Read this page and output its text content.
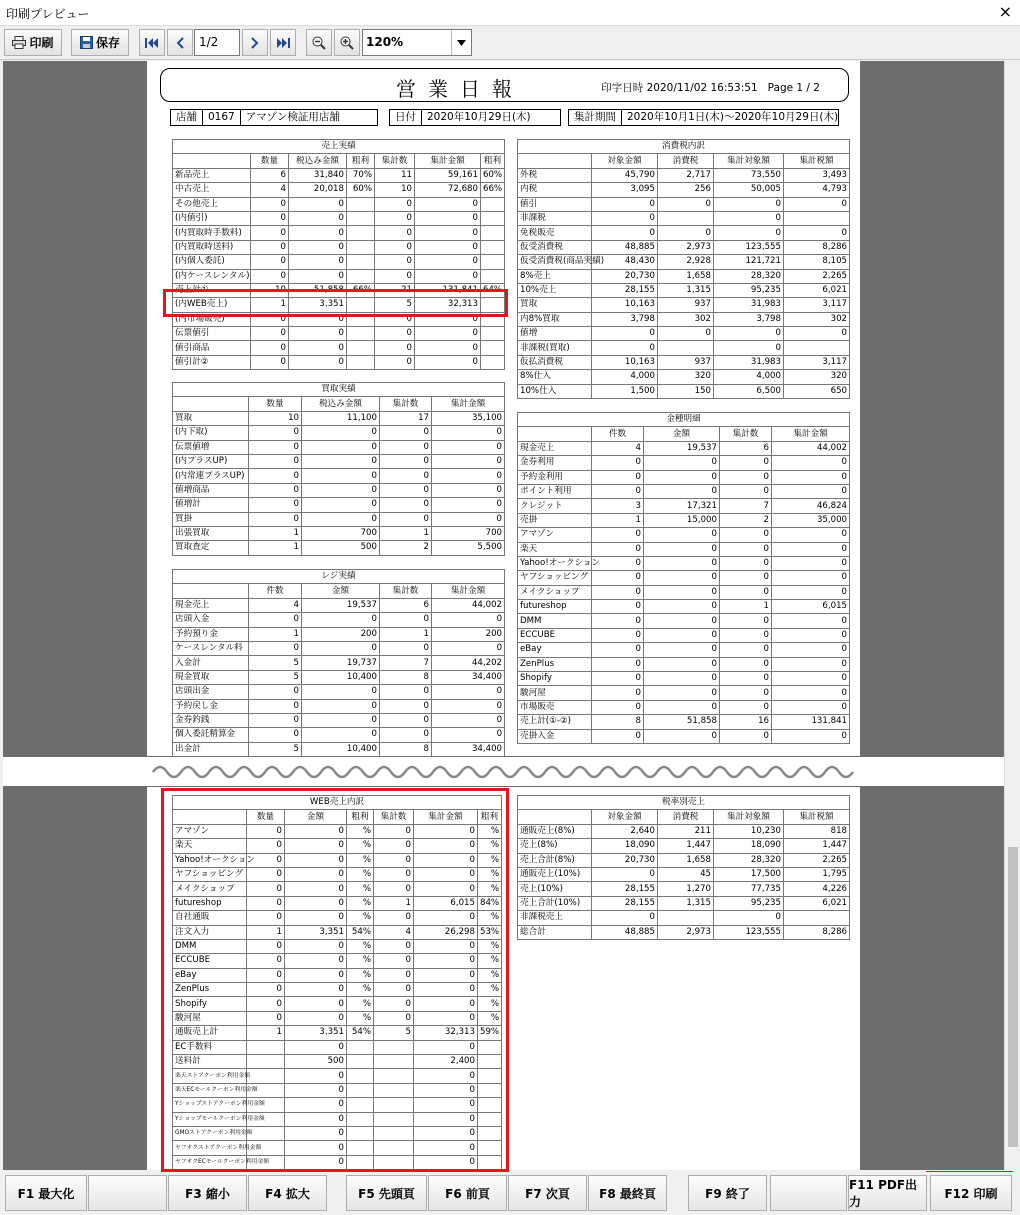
印刷プレビュー	×
印刷	保存	1/2	120%
営業日報	印字日時 2020/11/02 16:53:51 Page 1 / 2
店舗	0167	アマゾン検証用店舗	日付	2020年10月29日(木)	集計期間	2020年10月1日(木)〜2020年10月29日(木)
売上実績						
	数量	税込み金額	粗利	集計数	集計金額	粗利
新品売上	6	31,840	70%	11	59,161	60%
中古売上	4	20,018	60%	10	72,680	66%
その他売上	0	0		0	0	
(内値引)	0	0		0	0	
(内買取時手数料)	0	0		0	0	
(内買取時送料)	0	0		0	0	
(内個人委託)	0	0		0	0	
(内ケースレンタル)	0	0		0	0	
売上計①	10	51,858	66%	21	131,841	64%
(内WEB売上)	1	3,351		5	32,313	
(内市場販売)	0	0		0	0	
伝票値引	0	0		0	0	
値引商品	0	0		0	0	
値引計②	0	0		0	0	
消費税内訳				
	対象金額	消費税	集計対象額	集計税額
外税	45,790	2,717	73,550	3,493
内税	3,095	256	50,005	4,793
値引	0	0	0	0
非課税	0		0	
免税販売	0	0	0	0
仮受消費税	48,885	2,973	123,555	8,286
仮受消費税(商品実績)	48,430	2,928	121,721	8,105
8%売上	20,730	1,658	28,320	2,265
10%売上	28,155	1,315	95,235	6,021
買取	10,163	937	31,983	3,117
内8%買取	3,798	302	3,798	302
値増	0	0	0	0
非課税(買取)	0		0	
仮払消費税	10,163	937	31,983	3,117
8%仕入	4,000	320	4,000	320
10%仕入	1,500	150	6,500	650
買取実績				
	数量	税込み金額	集計数	集計金額
買取	10	11,100	17	35,100
(内下取)	0	0	0	0
伝票値増	0	0	0	0
(内プラスUP)	0	0	0	0
(内常連プラスUP)	0	0	0	0
値増商品	0	0	0	0
値増計	0	0	0	0
買掛	0	0	0	0
出張買取	1	700	1	700
買取査定	1	500	2	5,500
金種明細				
	件数	金額	集計数	集計金額
現金売上	4	19,537	6	44,002
金券利用	0	0	0	0
予約金利用	0	0	0	0
ポイント利用	0	0	0	0
クレジット	3	17,321	7	46,824
売掛	1	15,000	2	35,000
アマゾン	0	0	0	0
楽天	0	0	0	0
Yahoo!オークション	0	0	0	0
ヤフショッピング	0	0	0	0
メイクショップ	0	0	0	0
futureshop	0	0	1	6,015
DMM	0	0	0	0
ECCUBE	0	0	0	0
eBay	0	0	0	0
ZenPlus	0	0	0	0
Shopify	0	0	0	0
駿河屋	0	0	0	0
市場販売	0	0	0	0
売上計(①-②)	8	51,858	16	131,841
売掛入金	0	0	0	0
レジ実績				
	件数	金額	集計数	集計金額
現金売上	4	19,537	6	44,002
店頭入金	0	0	0	0
予約預り金	1	200	1	200
ケースレンタル料	0	0	0	0
入金計	5	19,737	7	44,202
現金買取	5	10,400	8	34,400
店頭出金	0	0	0	0
予約戻し金	0	0	0	0
金券釣銭	0	0	0	0
個人委託精算金	0	0	0	0
出金計	5	10,400	8	34,400
WEB売上内訳						
	数量	金額	粗利	集計数	集計金額	粗利
アマゾン	0	0	%	0	0	%
楽天	0	0	%	0	0	%
Yahoo!オークション	0	0	%	0	0	%
ヤフショッピング	0	0	%	0	0	%
メイクショップ	0	0	%	0	0	%
futureshop	0	0	%	1	6,015	84%
自社通販	0	0	%	0	0	%
注文入力	1	3,351	54%	4	26,298	53%
DMM	0	0	%	0	0	%
ECCUBE	0	0	%	0	0	%
eBay	0	0	%	0	0	%
ZenPlus	0	0	%	0	0	%
Shopify	0	0	%	0	0	%
駿河屋	0	0	%	0	0	%
通販売上計	1	3,351	54%	5	32,313	59%
EC手数料		0			0	
送料計		500			2,400	
楽天ストアクーポン利用金額		0			0	
楽天ECモールクーポン利用金額		0			0	
Yショップストアクーポン利用金額		0			0	
Yショップモールクーポン利用金額		0			0	
GMOストアクーポン利用金額		0			0	
ヤフオクストアクーポン利用金額		0			0	
ヤフオクECモールクーポン利用金額		0			0	
税率別売上				
	対象金額	消費税	集計対象額	集計税額
通販売上(8%)	2,640	211	10,230	818
売上(8%)	18,090	1,447	18,090	1,447
売上合計(8%)	20,730	1,658	28,320	2,265
通販売上(10%)	0	45	17,500	1,795
売上(10%)	28,155	1,270	77,735	4,226
売上合計(10%)	28,155	1,315	95,235	6,021
非課税売上	0		0	
総合計	48,885	2,973	123,555	8,286
F1 最大化	F3 縮小	F4 拡大	F5 先頭頁	F6 前頁	F7 次頁	F8 最終頁	F9 終了
F11 PDF出力
F12 印刷
